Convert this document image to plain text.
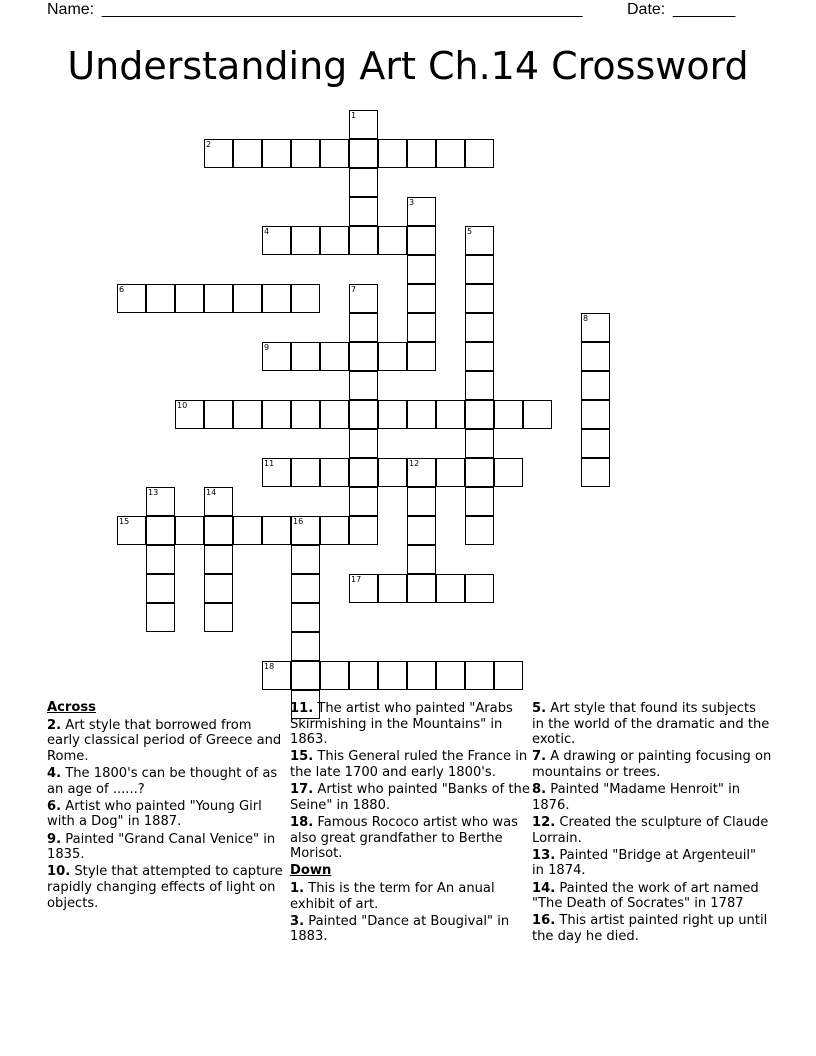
Name: ______________________________________________________	Date: _______
Understanding Art Ch.14 Crossword
1
2
3
4	5
6	7
8
9
10
11	12
13	14
15	16
17
18
Across
2. Art style that borrowed from early classical period of Greece and Rome.
4. The 1800's can be thought of as an age of ......?
6. Artist who painted "Young Girl with a Dog" in 1887.
9. Painted "Grand Canal Venice" in 1835.
10. Style that attempted to capture rapidly changing effects of light on objects.
11. The artist who painted "Arabs Skirmishing in the Mountains" in 1863.
15. This General ruled the France in the late 1700 and early 1800's.
17. Artist who painted "Banks of the Seine" in 1880.
18. Famous Rococo artist who was also great grandfather to Berthe Morisot.
Down
1. This is the term for An anual exhibit of art.
3. Painted "Dance at Bougival" in 1883.
5. Art style that found its subjects in the world of the dramatic and the exotic.
7. A drawing or painting focusing on mountains or trees.
8. Painted "Madame Henroit" in 1876.
12. Created the sculpture of Claude Lorrain.
13. Painted "Bridge at Argenteuil" in 1874.
14. Painted the work of art named "The Death of Socrates" in 1787
16. This artist painted right up until the day he died.
